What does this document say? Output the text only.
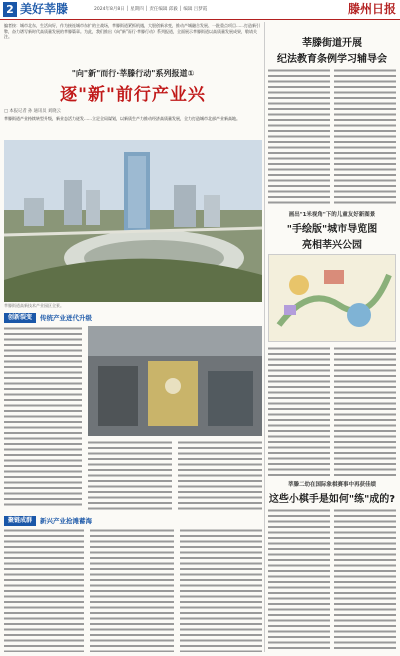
2 美好莘滕	2024年8月8日 │ 星期四 │ 责任编辑 邱毅 │ 编辑 吕梦霞	滕州日报
编者按：城市北东，生活向好，作为接连城市东扩的主战场，莘滕街道紧抓机遇，大胆创新求变，推动产城融合发展、一批重点项目……打造新引擎，奋力谱写新时代高质量发展的莘滕篇章。为此，我们推出《向"新"而行·莘滕行动》系列报道，全面展示莘滕街道以高质量发展成果，敬请关注。
"向"新"而行·莘滕行动"系列报道①
逐"新"前行产业兴
□ 本报记者 孙 通讯员 刘晓云
莘滕街道产业持续转型升级，新业态活力迸发……立足全局谋划，以新质生产力推动经济高质量发展，全力打造城市北部产业新高地。
莘滕街道高新技术产业园区全景。
创新裂变	传统产业迸代升级
聚链成群	新兴产业抢滩蓄海
莘滕街道开展
纪法教育条例学习辅导会
画出"1米视角"下的儿童友好新图景
"手绘版"城市导览图
亮相莘兴公园
莘滕二幼在国际象棋赛事中再获佳绩
这些小棋手是如何"练"成的?
